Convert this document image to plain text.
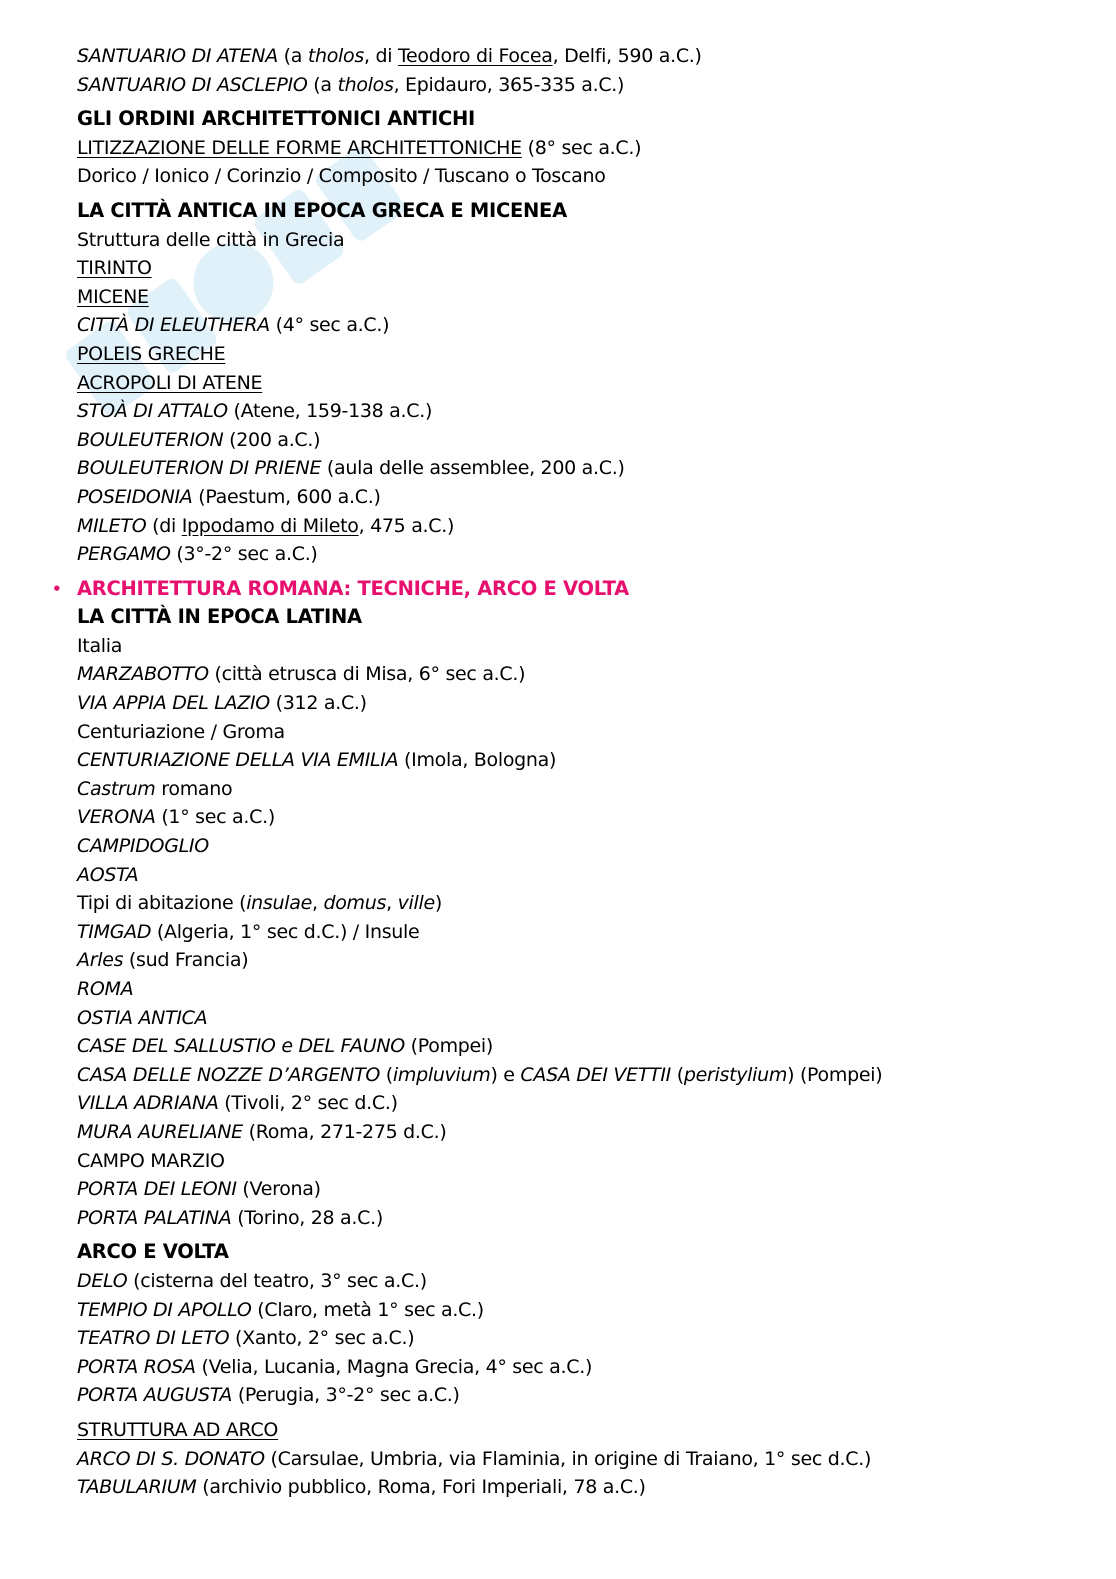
SANTUARIO DI ATENA (a tholos, di Teodoro di Focea, Delfi, 590 a.C.)
SANTUARIO DI ASCLEPIO (a tholos, Epidauro, 365-335 a.C.)
GLI ORDINI ARCHITETTONICI ANTICHI
LITIZZAZIONE DELLE FORME ARCHITETTONICHE (8° sec a.C.)
Dorico / Ionico / Corinzio / Composito / Tuscano o Toscano
LA CITTÀ ANTICA IN EPOCA GRECA E MICENEA
Struttura delle città in Grecia
TIRINTO
MICENE
CITTÀ DI ELEUTHERA (4° sec a.C.)
POLEIS GRECHE
ACROPOLI DI ATENE
STOÀ DI ATTALO (Atene, 159-138 a.C.)
BOULEUTERION (200 a.C.)
BOULEUTERION DI PRIENE (aula delle assemblee, 200 a.C.)
POSEIDONIA (Paestum, 600 a.C.)
MILETO (di Ippodamo di Mileto, 475 a.C.)
PERGAMO (3°-2° sec a.C.)
• ARCHITETTURA ROMANA: TECNICHE, ARCO E VOLTA
LA CITTÀ IN EPOCA LATINA
Italia
MARZABOTTO (città etrusca di Misa, 6° sec a.C.)
VIA APPIA DEL LAZIO (312 a.C.)
Centuriazione / Groma
CENTURIAZIONE DELLA VIA EMILIA (Imola, Bologna)
Castrum romano
VERONA (1° sec a.C.)
CAMPIDOGLIO
AOSTA
Tipi di abitazione (insulae, domus, ville)
TIMGAD (Algeria, 1° sec d.C.) / Insule
Arles (sud Francia)
ROMA
OSTIA ANTICA
CASE DEL SALLUSTIO e DEL FAUNO (Pompei)
CASA DELLE NOZZE D’ARGENTO (impluvium) e CASA DEI VETTII (peristylium) (Pompei)
VILLA ADRIANA (Tivoli, 2° sec d.C.)
MURA AURELIANE (Roma, 271-275 d.C.)
CAMPO MARZIO
PORTA DEI LEONI (Verona)
PORTA PALATINA (Torino, 28 a.C.)
ARCO E VOLTA
DELO (cisterna del teatro, 3° sec a.C.)
TEMPIO DI APOLLO (Claro, metà 1° sec a.C.)
TEATRO DI LETO (Xanto, 2° sec a.C.)
PORTA ROSA (Velia, Lucania, Magna Grecia, 4° sec a.C.)
PORTA AUGUSTA (Perugia, 3°-2° sec a.C.)
STRUTTURA AD ARCO
ARCO DI S. DONATO (Carsulae, Umbria, via Flaminia, in origine di Traiano, 1° sec d.C.)
TABULARIUM (archivio pubblico, Roma, Fori Imperiali, 78 a.C.)
